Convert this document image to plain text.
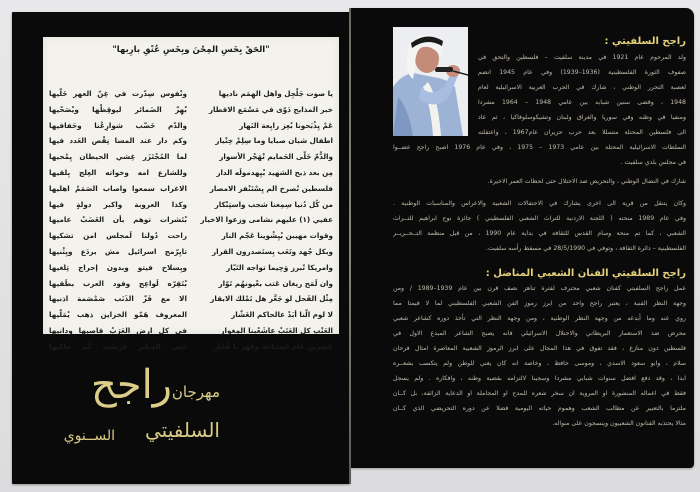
"الحَقْ بِخَسِ المِحْنَ وبِخَسِ عُنْقِ بارِيها"
يا صوت جَلْجِل واهل الهِمَم ناديها
خبر المذابح دَوّى في مَسْمَع الاقطار
عَمْ يِذْبَحونا بْعِز رابِعة النَهار
اطفال شبان صبايا وما سِلِمْ خِتْيار
والدُّمّ خَلّى الحَمايم تْهَجْر الأسوار
مِن بعد ذبح الشهيد بْيِهدمولَه الدار
فلسطين تُصرخ الم يِسْتَنْفر الامصار
من كُل دُنيا سِمِعنا شجب واستِنْكار
عفيي (١) عليهم نشامى وزعوا الاخبار
وقوات مهيبن بْيِشْوينا عَجّم النار
وبكل جُهد وتَعَب بِستَصدرون القرار
وامريكا تُبرز وَحِيما تواجه التَيّار
وان لَمَح ريغان عَتب بعْيونهُم تَوّار
مِثْل الفَحل لو جَعَّر هل تَمْلك الابقار
لا لوم الّنا أبَدْ عالحاكم الغَشّار
العَتْب كل العَتَبْ عاشَعْبِنا المِغوار
عشرين عام استباحَة وقَهر يا فُجّار
ونْفوس سِدّرت في غِنّ العهر خَلّيها
بْهِزّ الضَمائر ليوقِظْها ويْصَحّيها
والدّم خَضّب شوارِعْنا وحَفافيها
وكم دار عند المسا نِقْص العَدد فيها
لما المُجْتَزَر غِشي الحيطان يِمْحيها
وللشارع امه وخواته العِلج بِلقيها
الاغراب سمعوا واصاب الصَمَمْ اهليها
وكذا العروبة واكبر دولةٍ فيها
بْتَشرات توهم بأن الغَضَبْ عاميها
راحت دُولنا لَمجلس امن تشكيها
تايِرّمج اسرائيل مش بردَع ويِثْنيها
وبِسلاح فيتو وبدون إحراج تِلغيها
بْتَقِرّه لَواعِج وفود العرب بطَقيها
الا مع فَزّ الذَنَب صَمْصَمة اذنيها
المعروف هَمّو الخزاين ذهب يْمَلّيها
في كل ارض العَرَبْ قاصيها ودانيها
حَتى المنابر فَرَضْتم كُم حاكيها
مهرجان
راجح
السلفيتي
الســنوي
راجح السلفيتي :
ولد المرحوم عام 1921 في مدينة سلفيت – فلسطين والتحق في
صفوف الثورة الفلسطينية (1936–1939) وفي عام 1945 انضم
لعصبة التحرر الوطني ، شارك في الحرب العربية الاسرائيلية لعام
1948 ، وقضى سنين شبابه بين عامي 1948 – 1964 مشردا
ومنفيا في وطنه وفي سوريا والعراق ولبنان وتشيكوسلوفاكيا ، ثم عاد
الى فلسطين المحتلة متسللا بعد حرب حزيران عام1967 ، واعتقلته
السلطات الاسرائيلية المحتلة بين عامي 1973 – 1975 ، وفي عام 1976 اصبح راجح عضــوا
في مجلس بلدي سلفيت .
شارك في النضال الوطني ، والتحريض ضد الاحتلال حتى لحظات العمر الاخيرة.
وكان يتنقل من قرية الى اخرى يشارك في الاحتفالات الشعبية والاعراس والمناسبات الوطنية .
وفي عام 1989 منحته ( اللجنة الاردنية للتراث الشعبي الفلسطيني ) جائزة نوح ابراهيم للتــراث
الشعبي ، كما تم منحة وسام القدس للثقافة في بداية عام 1990 ، من قبل منظمة التــحــريــر
الفلسطينية – دائرة الثقافة ، وتوفي في 28/5/1990 في مسقط رأسه سلفيت.
راجح السلفيتي الفنان الشعبي المناضل :
عمل راجح السلفيتي كفنان شعبي محترف لفترة تناهز نصف قرن بين عام 1939–1989 / ومن
وجهة النظر الفنية ، يعتبر راجح واحد من ابرز رموز الفن الشعبي الفلسطيني لما لا قيمتا مما
روي عنه وما أبدعه من وجهة النظر الوطنية ، ومن وجهة النظر التي تأخذ دوره كشاعر شعبي
محرض ضد الاستعمار البريطاني والاحتلال الاسرائيلي فانه يصبح الشاعر المبدع الاول في
فلسطين دون منازع ، فقد تفوق في هذا المجال على ابرز الرموز الشعبية المعاصرة امثال فرحان
سلام ، وابو سعود الاسدي ، وموسى حافظ ، وخاصة انه كان يغني للوطن ولم يتكسب بشعــره
ابدا ، وقد دفع افضل سنوات شبابي مشردا وسجينا لالتزامه بقضية وطنه ، وافكاره . ولم يسجل
فقط في اعماله المنشورة او المروية ان سخر شعره للمدح او المجاملة او الدعاية الزائفة، بل كــان
ملتزما بالتعبير عن مطالب الشعب وهموم حياته اليومية فضلا عن دوره التحريضي الذي كــان
مثالا يحتذيه الفنانون الشعبيون وينسجون على منواله.
